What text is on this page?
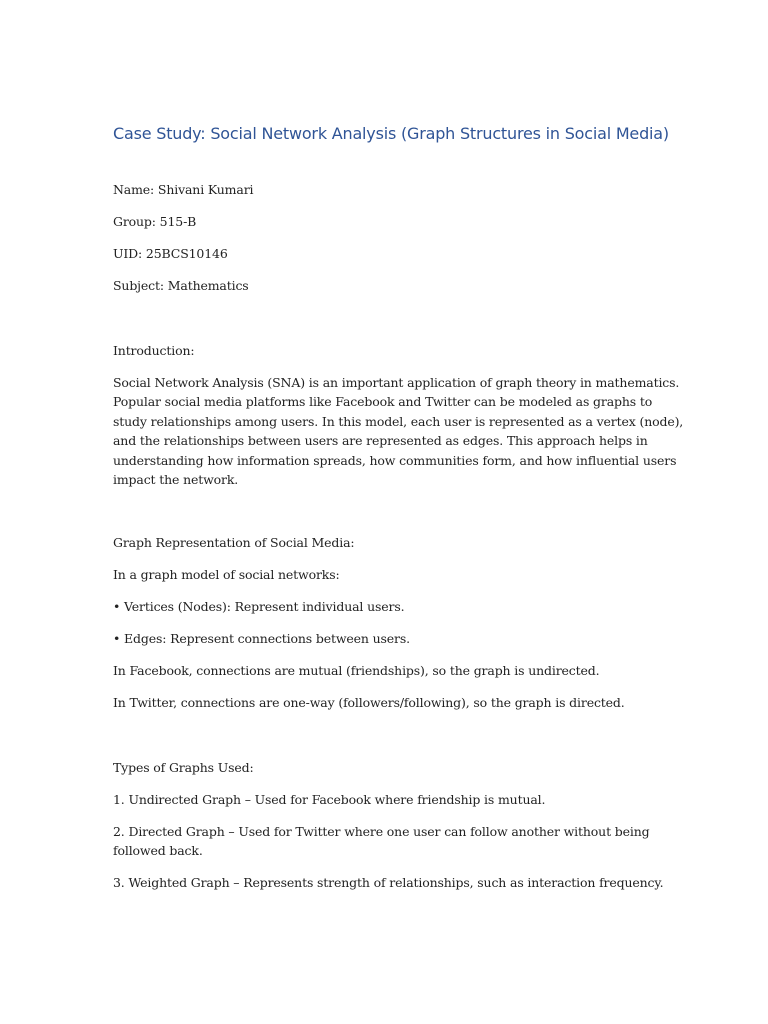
Case Study: Social Network Analysis (Graph Structures in Social Media)

Name: Shivani Kumari

Group: 515-B

UID: 25BCS10146

Subject: Mathematics

Introduction:

Social Network Analysis (SNA) is an important application of graph theory in mathematics.
Popular social media platforms like Facebook and Twitter can be modeled as graphs to
study relationships among users. In this model, each user is represented as a vertex (node),
and the relationships between users are represented as edges. This approach helps in
understanding how information spreads, how communities form, and how influential users
impact the network.

Graph Representation of Social Media:

In a graph model of social networks:

• Vertices (Nodes): Represent individual users.

• Edges: Represent connections between users.

In Facebook, connections are mutual (friendships), so the graph is undirected.

In Twitter, connections are one-way (followers/following), so the graph is directed.

Types of Graphs Used:

1. Undirected Graph – Used for Facebook where friendship is mutual.

2. Directed Graph – Used for Twitter where one user can follow another without being
followed back.

3. Weighted Graph – Represents strength of relationships, such as interaction frequency.
